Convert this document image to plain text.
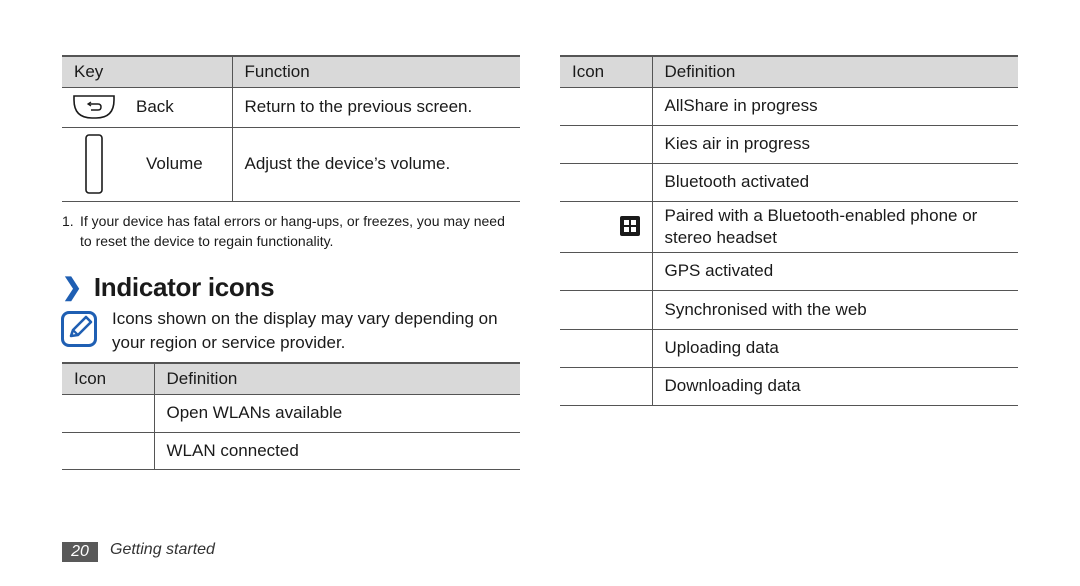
Key	Function

Back	Return to the previous screen.

Volume	Adjust the device’s volume.
1. If your device has fatal errors or hang-ups, or freezes, you may need to reset the device to regain functionality.
❯ Indicator icons
Icons shown on the display may vary depending on your region or service provider.
Icon	Definition
	Open WLANs available
	WLAN connected
Icon	Definition
	AllShare in progress
	Kies air in progress
	Bluetooth activated
	Paired with a Bluetooth-enabled phone or stereo headset
	GPS activated
	Synchronised with the web
	Uploading data
	Downloading data
20	Getting started
